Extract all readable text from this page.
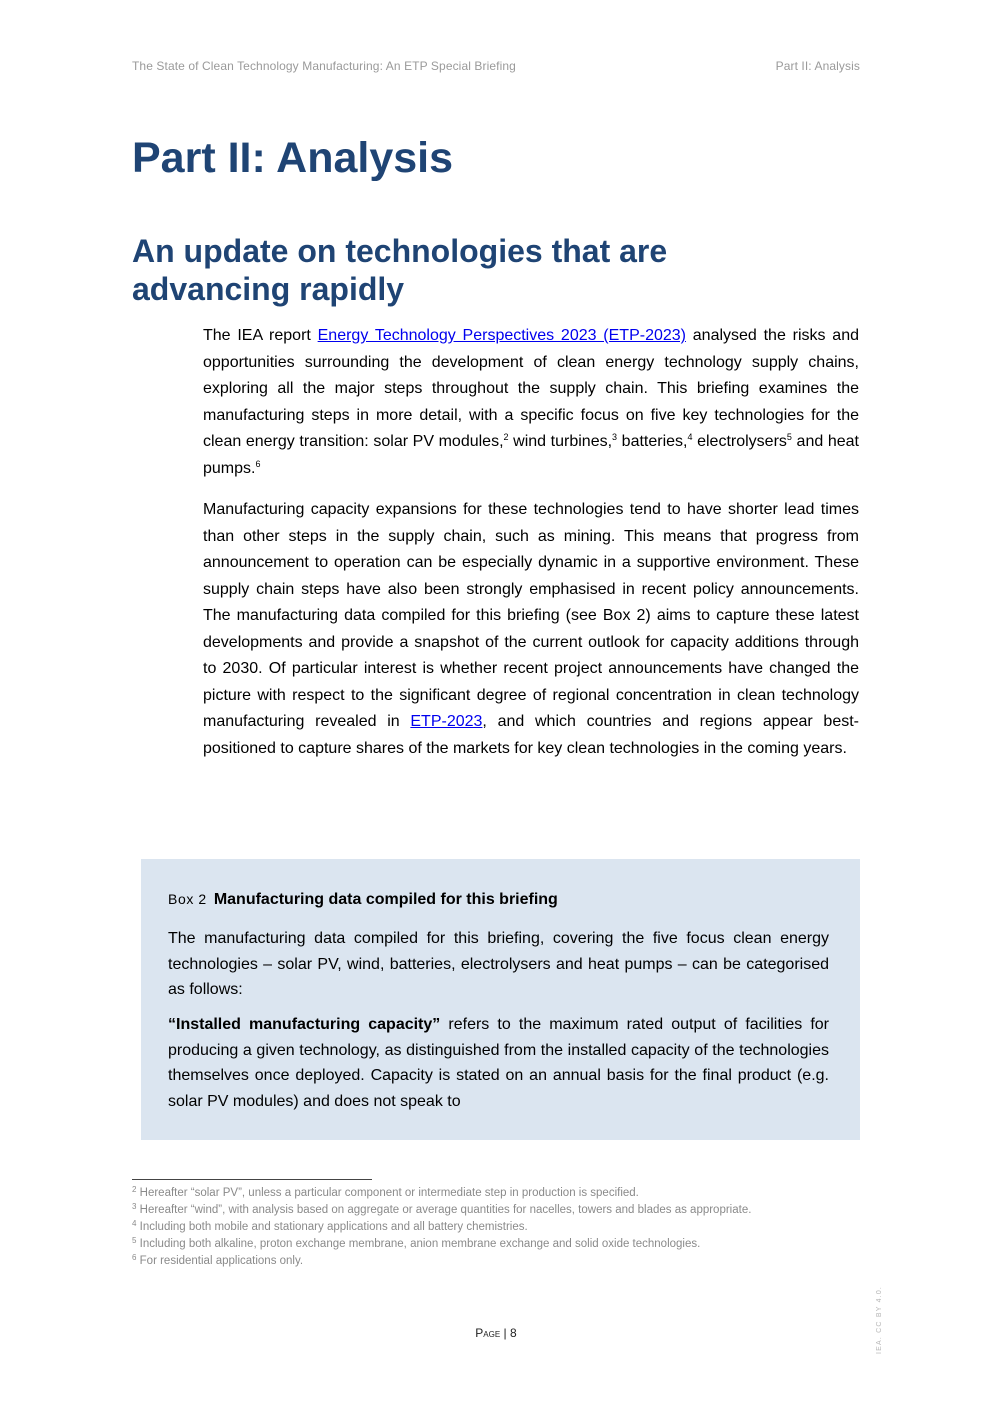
The State of Clean Technology Manufacturing: An ETP Special Briefing	Part II: Analysis
Part II: Analysis
An update on technologies that are advancing rapidly

The IEA report Energy Technology Perspectives 2023 (ETP-2023) analysed the risks and opportunities surrounding the development of clean energy technology supply chains, exploring all the major steps throughout the supply chain. This briefing examines the manufacturing steps in more detail, with a specific focus on five key technologies for the clean energy transition: solar PV modules,$^2$ wind turbines,$^3$ batteries,$^4$ electrolysers$^5$ and heat pumps.$^6$

Manufacturing capacity expansions for these technologies tend to have shorter lead times than other steps in the supply chain, such as mining. This means that progress from announcement to operation can be especially dynamic in a supportive environment. These supply chain steps have also been strongly emphasised in recent policy announcements. The manufacturing data compiled for this briefing (see Box 2) aims to capture these latest developments and provide a snapshot of the current outlook for capacity additions through to 2030. Of particular interest is whether recent project announcements have changed the picture with respect to the significant degree of regional concentration in clean technology manufacturing revealed in ETP-2023, and which countries and regions appear best-positioned to capture shares of the markets for key clean technologies in the coming years.

Box 2 Manufacturing data compiled for this briefing

The manufacturing data compiled for this briefing, covering the five focus clean energy technologies – solar PV, wind, batteries, electrolysers and heat pumps – can be categorised as follows:

“Installed manufacturing capacity” refers to the maximum rated output of facilities for producing a given technology, as distinguished from the installed capacity of the technologies themselves once deployed. Capacity is stated on an annual basis for the final product (e.g. solar PV modules) and does not speak to

$^2$ Hereafter “solar PV”, unless a particular component or intermediate step in production is specified.
$^3$ Hereafter “wind”, with analysis based on aggregate or average quantities for nacelles, towers and blades as appropriate.
$^4$ Including both mobile and stationary applications and all battery chemistries.
$^5$ Including both alkaline, proton exchange membrane, anion membrane exchange and solid oxide technologies.
$^6$ For residential applications only.
Page | 8	IEA. CC BY 4.0.
